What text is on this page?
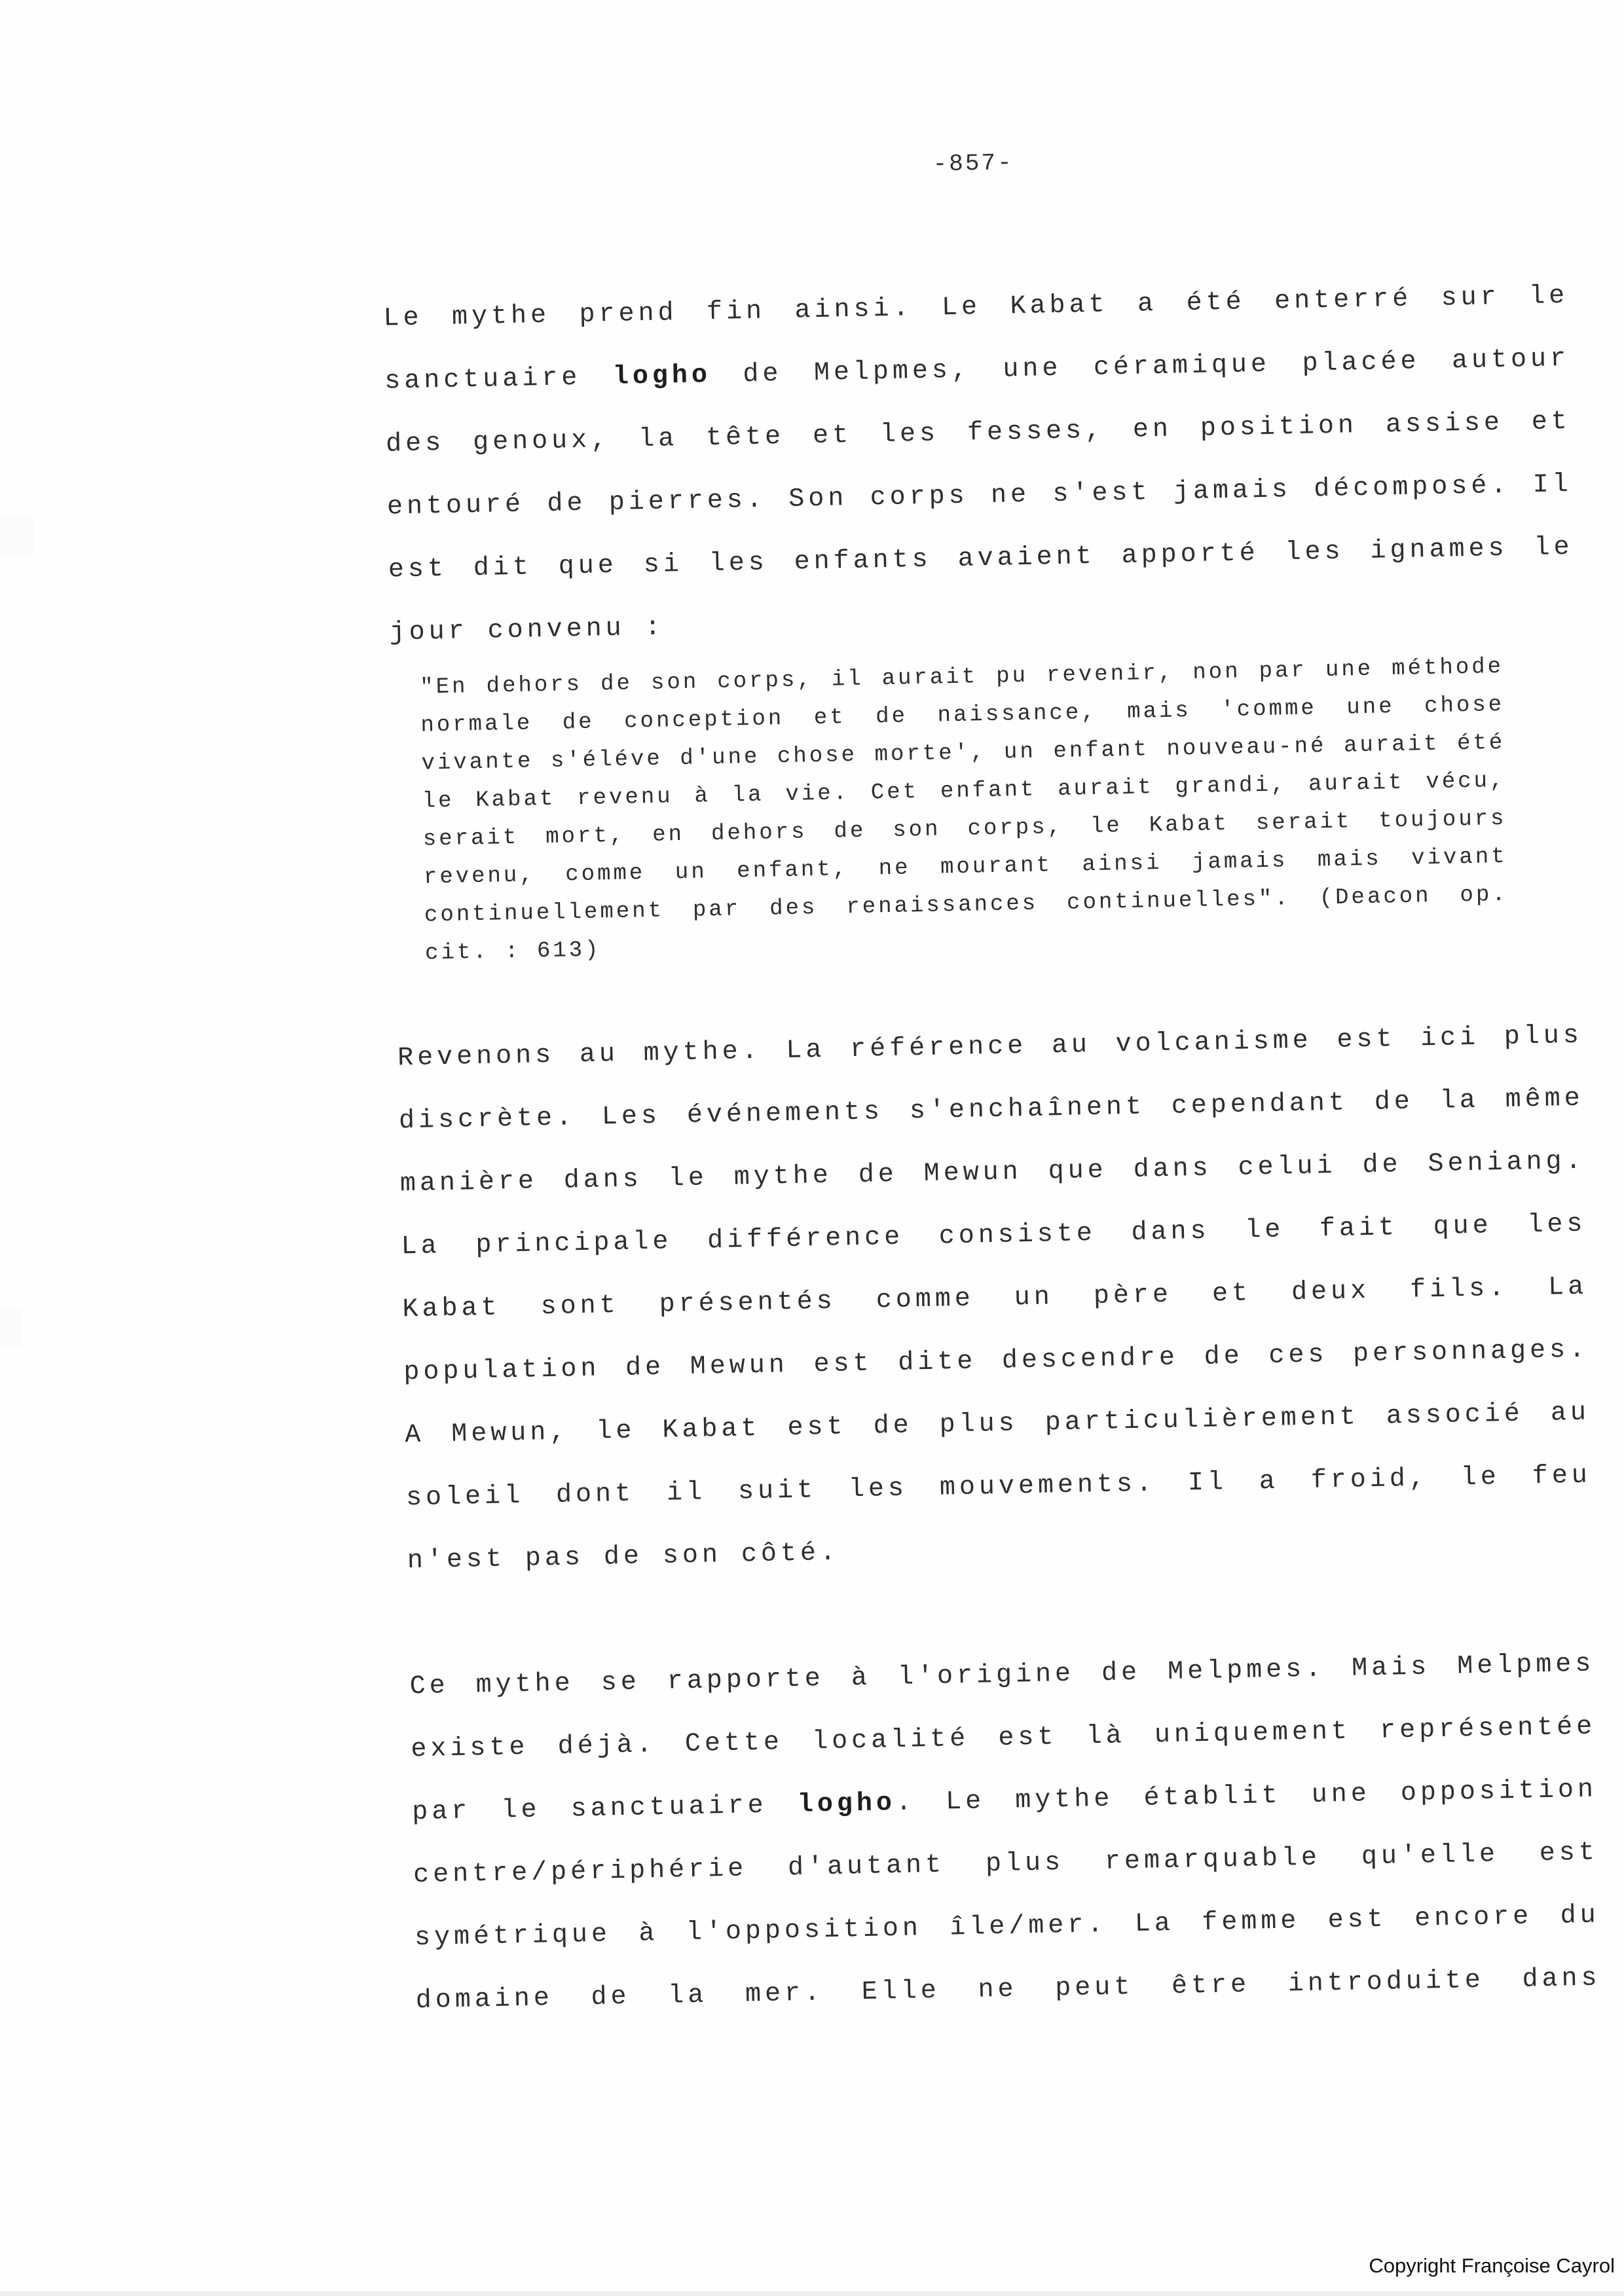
-857-
Le mythe prend fin ainsi. Le Kabat a été enterré sur le
sanctuaire logho de Melpmes, une céramique placée autour
des genoux, la tête et les fesses, en position assise et
entouré de pierres. Son corps ne s'est jamais décomposé. Il
est dit que si les enfants avaient apporté les ignames le
jour convenu :
"En dehors de son corps, il aurait pu revenir, non par une méthode
normale de conception et de naissance, mais 'comme une chose
vivante s'éléve d'une chose morte', un enfant nouveau-né aurait été
le Kabat revenu à la vie. Cet enfant aurait grandi, aurait vécu,
serait mort, en dehors de son corps, le Kabat serait toujours
revenu, comme un enfant, ne mourant ainsi jamais mais vivant
continuellement par des renaissances continuelles". (Deacon op.
cit. : 613)
Revenons au mythe. La référence au volcanisme est ici plus
discrète. Les événements s'enchaînent cependant de la même
manière dans le mythe de Mewun que dans celui de Seniang.
La principale différence consiste dans le fait que les
Kabat sont présentés comme un père et deux fils. La
population de Mewun est dite descendre de ces personnages.
A Mewun, le Kabat est de plus particulièrement associé au
soleil dont il suit les mouvements. Il a froid, le feu
n'est pas de son côté.
Ce mythe se rapporte à l'origine de Melpmes. Mais Melpmes
existe déjà. Cette localité est là uniquement représentée
par le sanctuaire logho. Le mythe établit une opposition
centre/périphérie d'autant plus remarquable qu'elle est
symétrique à l'opposition île/mer. La femme est encore du
domaine de la mer. Elle ne peut être introduite dans
Copyright Françoise Cayrol
